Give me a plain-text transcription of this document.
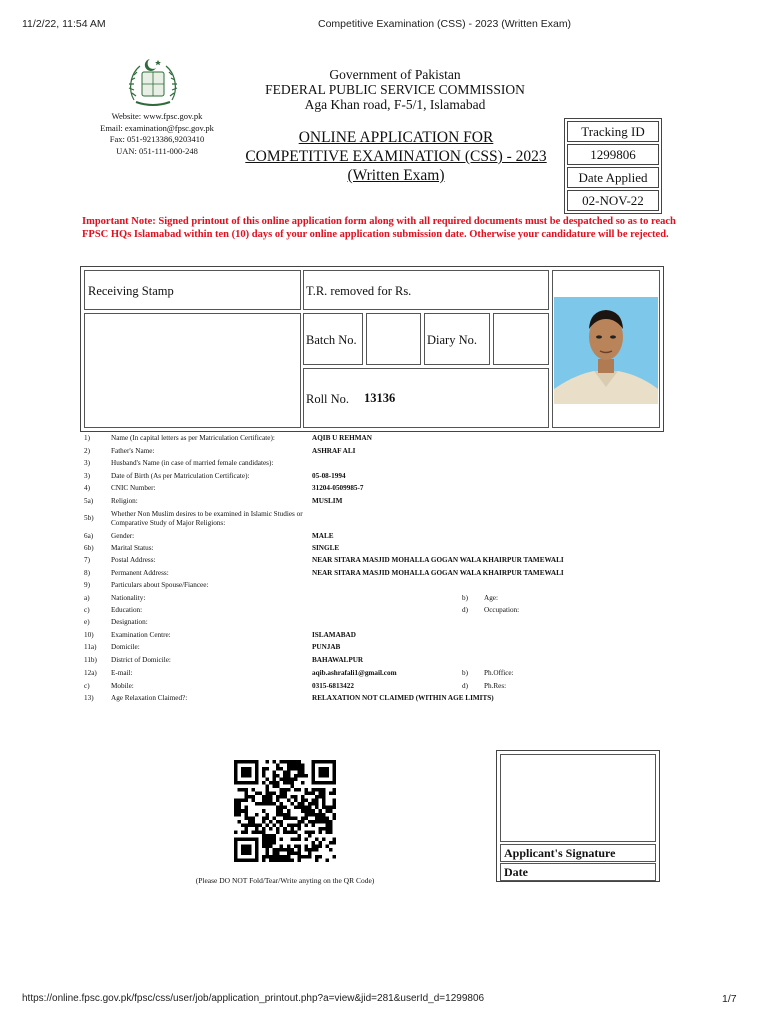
11/2/22, 11:54 AM	Competitive Examination (CSS) - 2023 (Written Exam)
Website: www.fpsc.gov.pk
Email: examination@fpsc.gov.pk
Fax: 051-9213386,9203410
UAN: 051-111-000-248
Government of Pakistan
FEDERAL PUBLIC SERVICE COMMISSION
Aga Khan road, F-5/1, Islamabad
ONLINE APPLICATION FOR
COMPETITIVE EXAMINATION (CSS) - 2023
(Written Exam)
Tracking ID
1299806
Date Applied
02-NOV-22
Important Note: Signed printout of this online application form along with all required documents must be despatched so as to reach FPSC HQs Islamabad within ten (10) days of your online application submission date. Otherwise your candidature will be rejected.
Receiving Stamp	T.R. removed for Rs.
Batch No.	Diary No.
Roll No. 13136
1)	Name (In capital letters as per Matriculation Certificate):	AQIB U REHMAN
2)	Father's Name:	ASHRAF ALI
3)	Husband's Name (in case of married female candidates):
3)	Date of Birth (As per Matriculation Certificate):	05-08-1994
4)	CNIC Number:	31204-0509985-7
5a) Religion:	MUSLIM
5b) Whether Non Muslim desires to be examined in Islamic Studies or Comparative Study of Major Religions:
6a) Gender:	MALE
6b) Marital Status:	SINGLE
7)	Postal Address:	NEAR SITARA MASJID MOHALLA GOGAN WALA KHAIRPUR TAMEWALI
8)	Permanent Address:	NEAR SITARA MASJID MOHALLA GOGAN WALA KHAIRPUR TAMEWALI
9)	Particulars about Spouse/Fiancee:
a)	Nationality:	b) Age:
c)	Education:	d) Occupation:
e)	Designation:
10) Examination Centre:	ISLAMABAD
11a) Domicile:	PUNJAB
11b) District of Domicile:	BAHAWALPUR
12a) E-mail:	aqib.ashrafali1@gmail.com	b) Ph.Office:
c)	Mobile:	0315-6813422	d) Ph.Res:
13) Age Relaxation Claimed?:	RELAXATION NOT CLAIMED (WITHIN AGE LIMITS)
(Please DO NOT Fold/Tear/Write anyting on the QR Code)
Applicant's Signature
Date
https://online.fpsc.gov.pk/fpsc/css/user/job/application_printout.php?a=view&jid=281&userId_d=1299806	1/7
